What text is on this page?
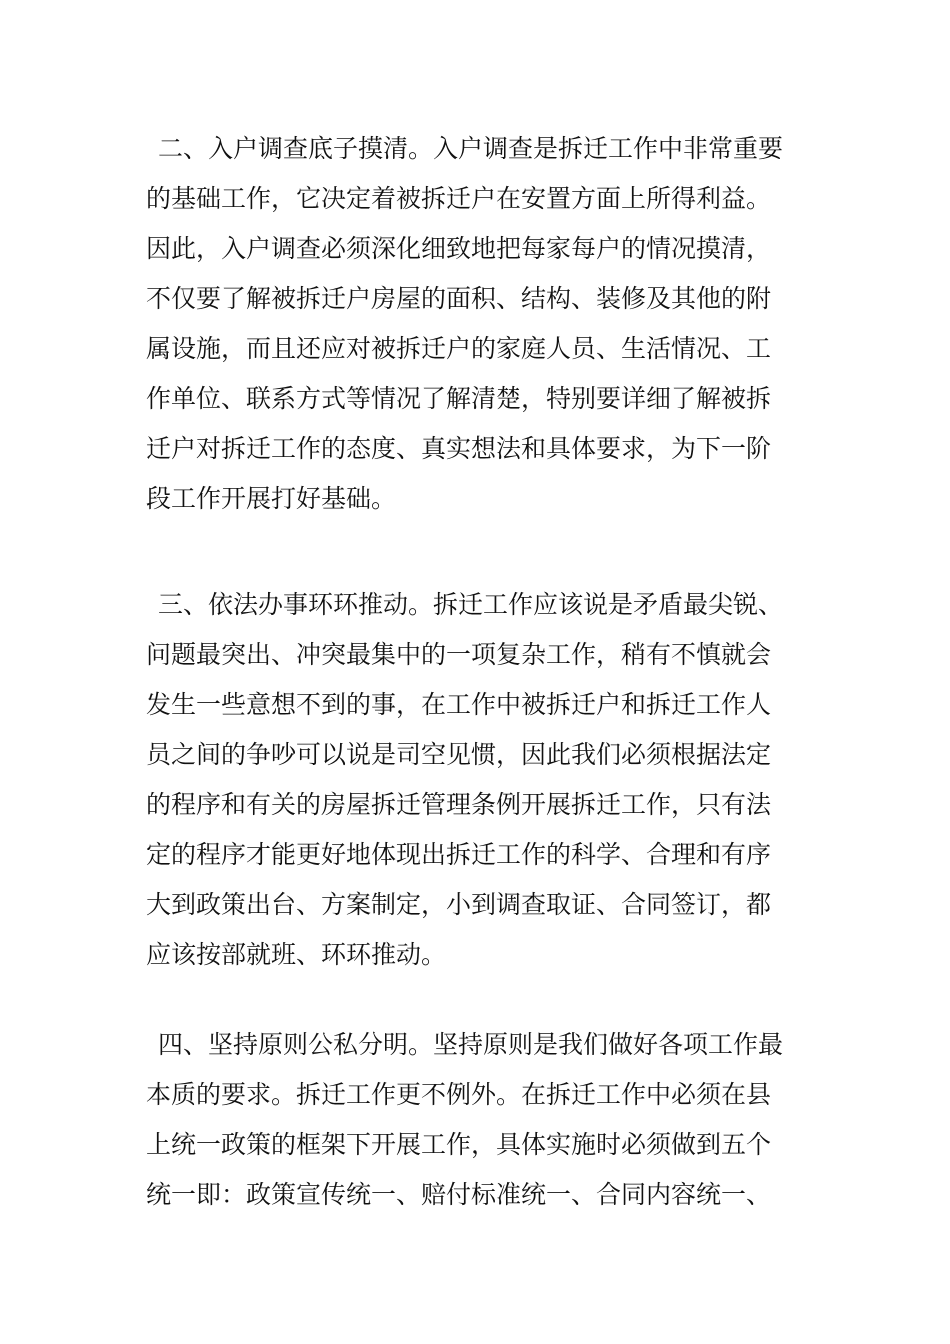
二、入户调查底子摸清。入户调查是拆迁工作中非常重要
的基础工作，它决定着被拆迁户在安置方面上所得利益。
因此，入户调查必须深化细致地把每家每户的情况摸清，
不仅要了解被拆迁户房屋的面积、结构、装修及其他的附
属设施，而且还应对被拆迁户的家庭人员、生活情况、工
作单位、联系方式等情况了解清楚，特别要详细了解被拆
迁户对拆迁工作的态度、真实想法和具体要求，为下一阶
段工作开展打好基础。
三、依法办事环环推动。拆迁工作应该说是矛盾最尖锐、
问题最突出、冲突最集中的一项复杂工作，稍有不慎就会
发生一些意想不到的事，在工作中被拆迁户和拆迁工作人
员之间的争吵可以说是司空见惯，因此我们必须根据法定
的程序和有关的房屋拆迁管理条例开展拆迁工作，只有法
定的程序才能更好地体现出拆迁工作的科学、合理和有序
大到政策出台、方案制定，小到调查取证、合同签订，都
应该按部就班、环环推动。
四、坚持原则公私分明。坚持原则是我们做好各项工作最
本质的要求。拆迁工作更不例外。在拆迁工作中必须在县
上统一政策的框架下开展工作，具体实施时必须做到五个
统一即：政策宣传统一、赔付标准统一、合同内容统一、
